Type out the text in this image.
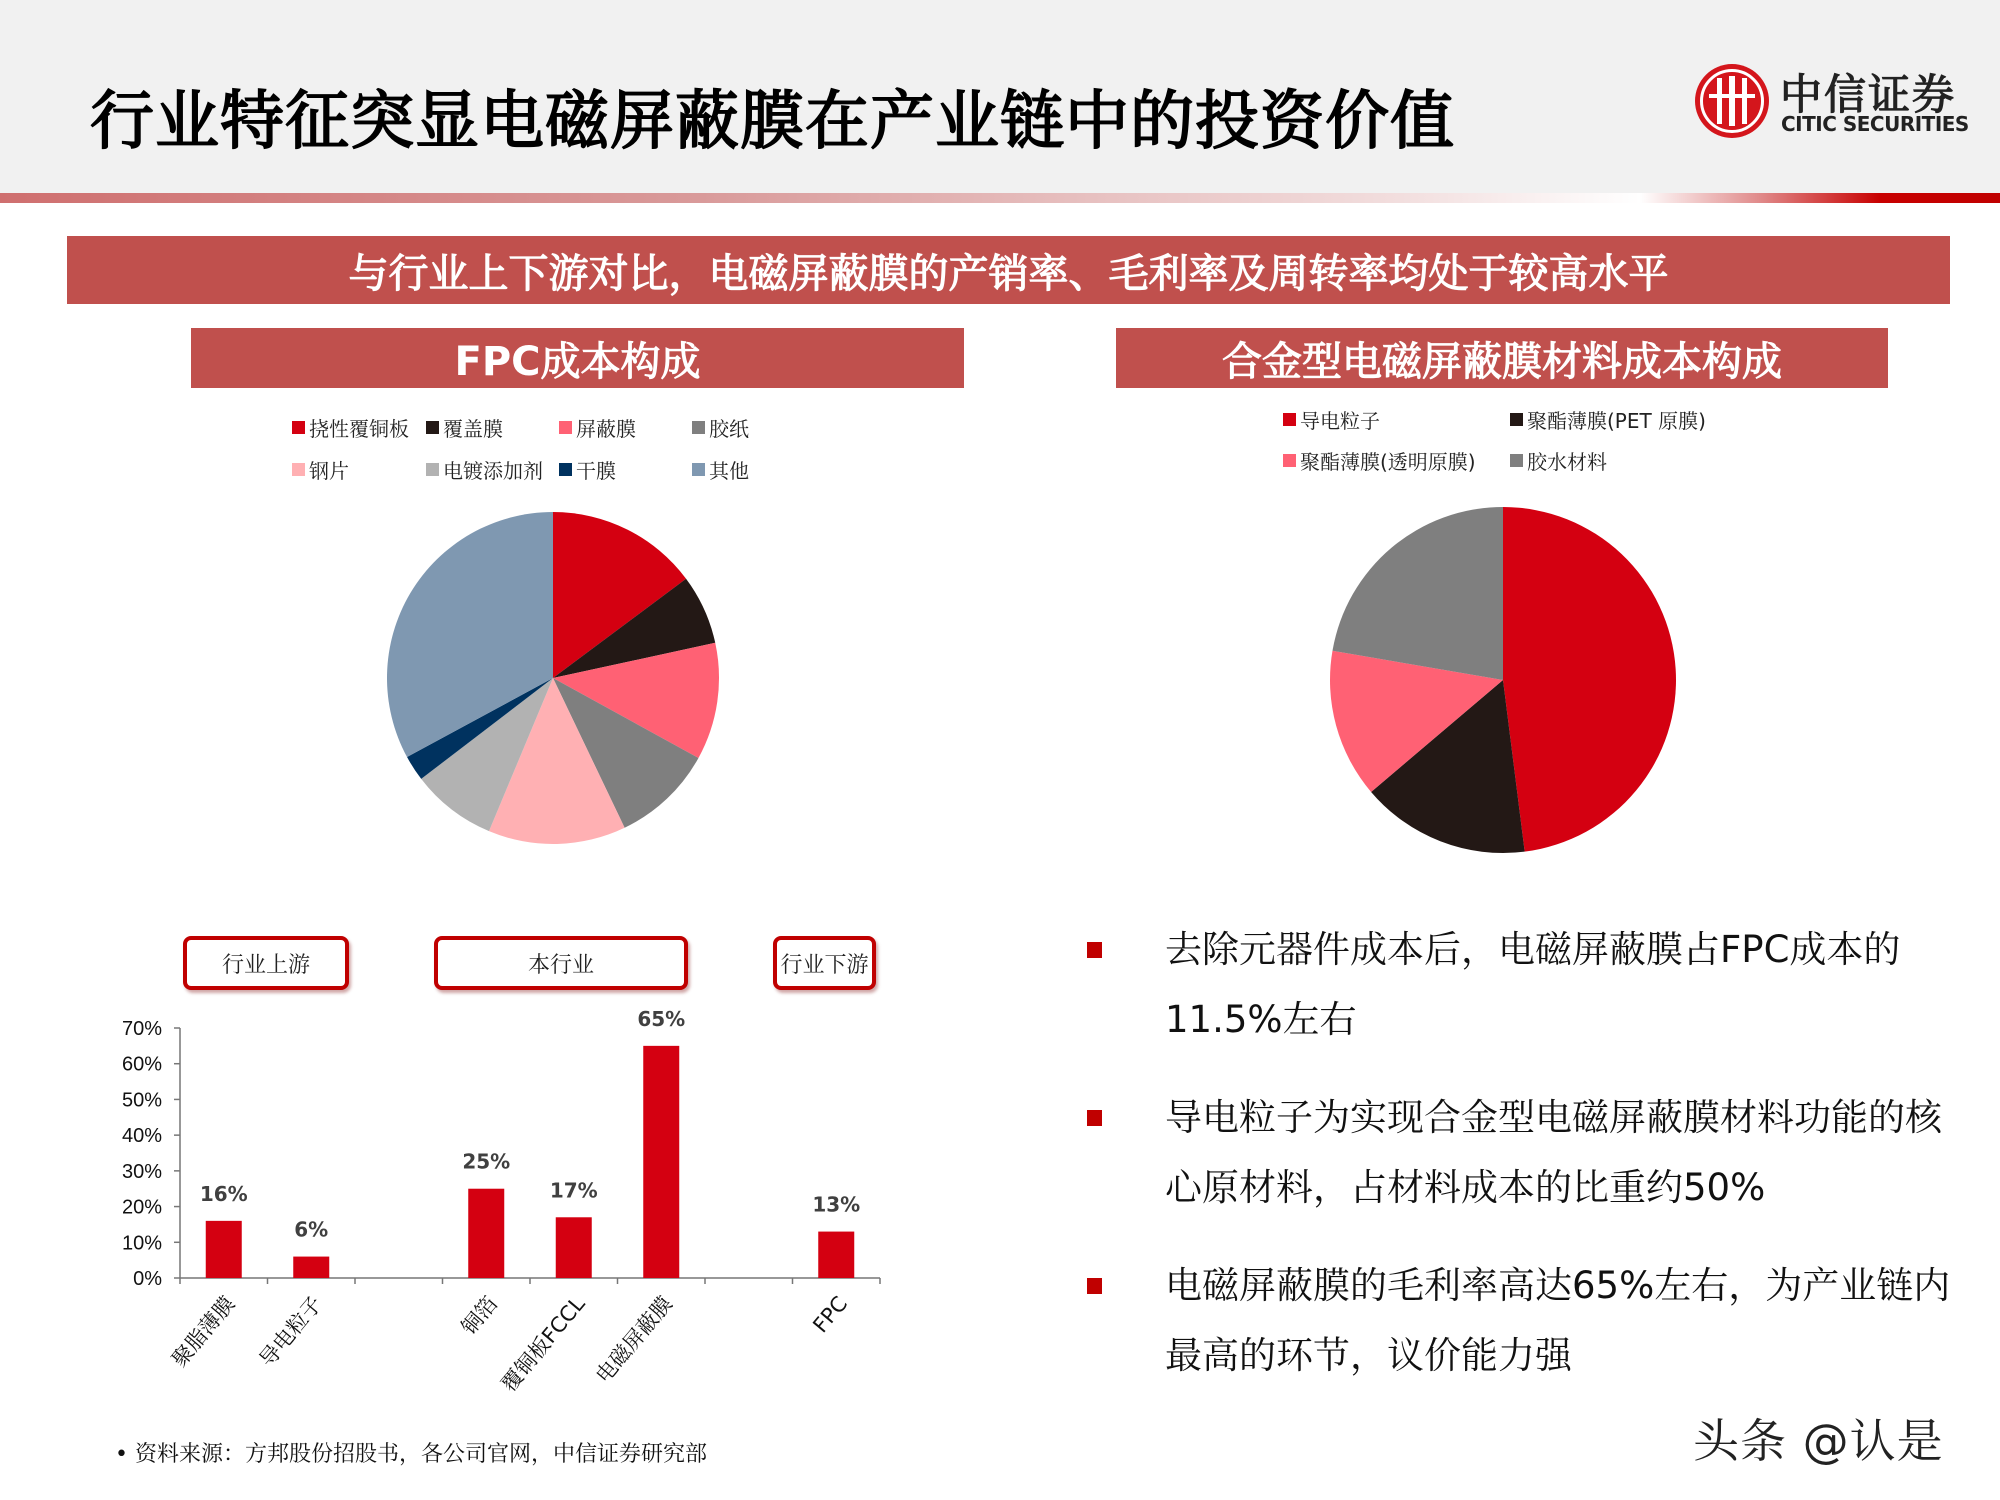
行业特征突显电磁屏蔽膜在产业链中的投资价值	中信证券
CITIC SECURITIES
与行业上下游对比，电磁屏蔽膜的产销率、毛利率及周转率均处于较高水平
FPC成本构成	合金型电磁屏蔽膜材料成本构成
挠性覆铜板 覆盖膜	屏蔽膜	胶纸
钢片	电镀添加剂 干膜	其他
导电粒子	聚酯薄膜(PET 原膜)
聚酯薄膜(透明原膜)	胶水材料
行业上游	本行业	行业下游
0%
10%
20%
30%
40%
50%
60%
70%
16%
聚脂薄膜
6%
导电粒子
25%
铜箔
17%
覆铜板FCCL
65%
电磁屏蔽膜
13%
FPC
去除元器件成本后，电磁屏蔽膜占FPC成本的11.5%左右
导电粒子为实现合金型电磁屏蔽膜材料功能的核心原材料，占材料成本的比重约50%
电磁屏蔽膜的毛利率高达65%左右，为产业链内最高的环节，议价能力强
• 资料来源：方邦股份招股书，各公司官网，中信证券研究部	头条 @认是
